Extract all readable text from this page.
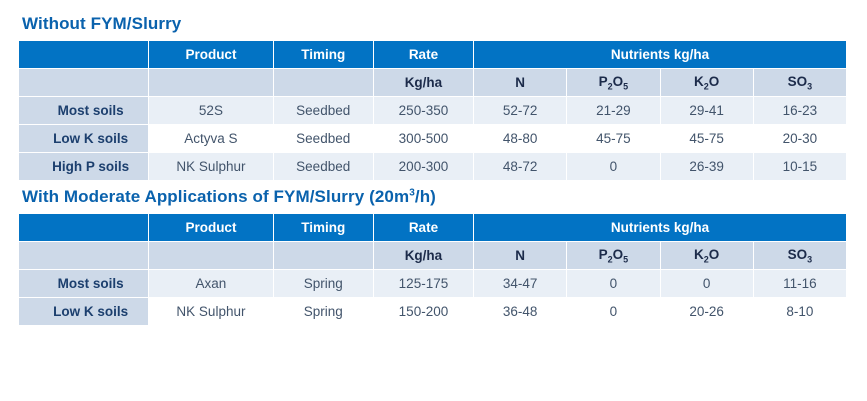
Without FYM/Slurry
	Product	Timing	Rate	Nutrients kg/ha			
			Kg/ha	N	$P_2O_5$	$K_2O$	$SO_3$
Most soils	52S	Seedbed	250-350	52-72	21-29	29-41	16-23
Low K soils	Actyva S	Seedbed	300-500	48-80	45-75	45-75	20-30
High P soils	NK Sulphur	Seedbed	200-300	48-72	0	26-39	10-15
With Moderate Applications of FYM/Slurry $(20m^3/h)$
	Product	Timing	Rate	Nutrients kg/ha			
			Kg/ha	N	$P_2O_5$	$K_2O$	$SO_3$
Most soils	Axan	Spring	125-175	34-47	0	0	11-16
Low K soils	NK Sulphur	Spring	150-200	36-48	0	20-26	8-10
